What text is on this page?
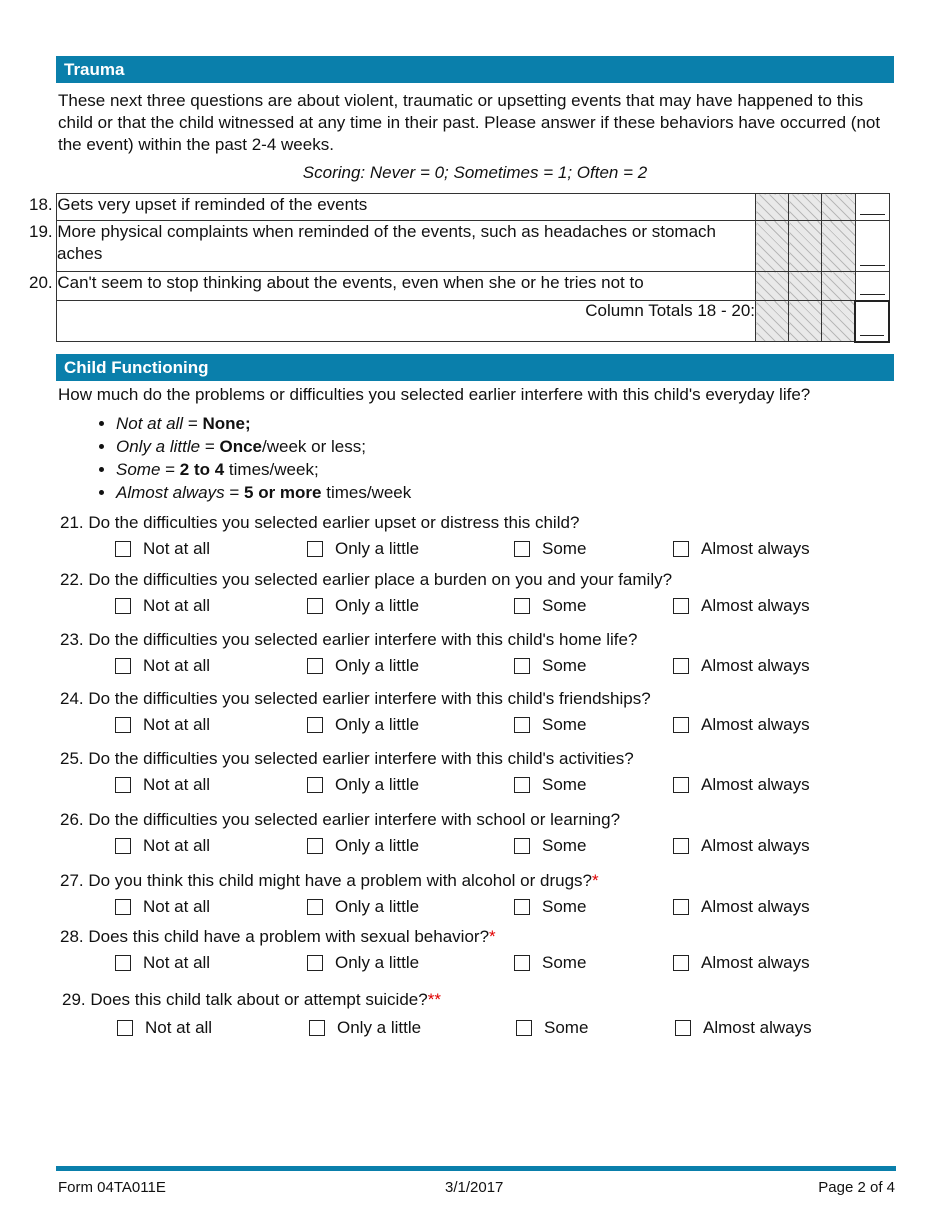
Trauma

These next three questions are about violent, traumatic or upsetting events that may have happened to this child or that the child witnessed at any time in their past. Please answer if these behaviors have occurred (not the event) within the past 2-4 weeks.

Scoring: Never = 0; Sometimes = 1; Often = 2
18. Gets very upset if reminded of the events				

19. More physical complaints when reminded of the events, such as headaches or stomach aches				

20. Can't seem to stop thinking about the events, even when she or he tries not to				

Column Totals 18 - 20:				
Child Functioning

How much do the problems or difficulties you selected earlier interfere with this child's everyday life?

• Not at all = None;
• Only a little = Once/week or less;
• Some = 2 to 4 times/week;
• Almost always = 5 or more times/week
21. Do the difficulties you selected earlier upset or distress this child?
Not at all	Only a little	Some	Almost always
22. Do the difficulties you selected earlier place a burden on you and your family?
Not at all	Only a little	Some	Almost always
23. Do the difficulties you selected earlier interfere with this child's home life?
Not at all	Only a little	Some	Almost always
24. Do the difficulties you selected earlier interfere with this child's friendships?
Not at all	Only a little	Some	Almost always
25. Do the difficulties you selected earlier interfere with this child's activities?
Not at all	Only a little	Some	Almost always
26. Do the difficulties you selected earlier interfere with school or learning?
Not at all	Only a little	Some	Almost always
27. Do you think this child might have a problem with alcohol or drugs?*
Not at all	Only a little	Some	Almost always
28. Does this child have a problem with sexual behavior?*
Not at all	Only a little	Some	Almost always
29. Does this child talk about or attempt suicide?**
Not at all	Only a little	Some	Almost always
Form 04TA011E	3/1/2017	Page 2 of 4
